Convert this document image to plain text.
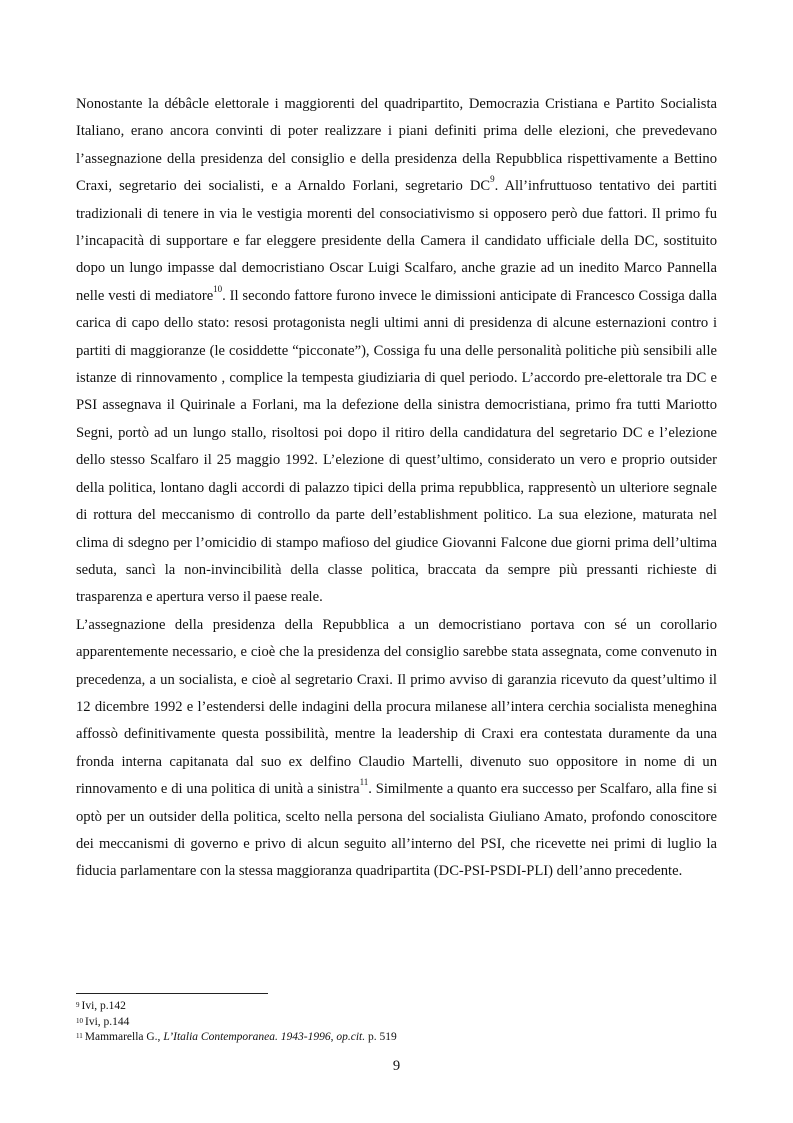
Nonostante la débâcle elettorale i maggiorenti del quadripartito, Democrazia Cristiana e Partito Socialista Italiano, erano ancora convinti di poter realizzare i piani definiti prima delle elezioni, che prevedevano l’assegnazione della presidenza del consiglio e della presidenza della Repubblica rispettivamente a Bettino Craxi, segretario dei socialisti, e a Arnaldo Forlani, segretario DC$^9$. All’infruttuoso tentativo dei partiti tradizionali di tenere in via le vestigia morenti del consociativismo si opposero però due fattori. Il primo fu l’incapacità di supportare e far eleggere presidente della Camera il candidato ufficiale della DC, sostituito dopo un lungo impasse dal democristiano Oscar Luigi Scalfaro, anche grazie ad un inedito Marco Pannella nelle vesti di mediatore$^{10}$. Il secondo fattore furono invece le dimissioni anticipate di Francesco Cossiga dalla carica di capo dello stato: resosi protagonista negli ultimi anni di presidenza di alcune esternazioni contro i partiti di maggioranze (le cosiddette “picconate”), Cossiga fu una delle personalità politiche più sensibili alle istanze di rinnovamento , complice la tempesta giudiziaria di quel periodo. L’accordo pre-elettorale tra DC e PSI assegnava il Quirinale a Forlani, ma la defezione della sinistra democristiana, primo fra tutti Mariotto Segni, portò ad un lungo stallo, risoltosi poi dopo il ritiro della candidatura del segretario DC e l’elezione dello stesso Scalfaro il 25 maggio 1992. L’elezione di quest’ultimo, considerato un vero e proprio outsider della politica, lontano dagli accordi di palazzo tipici della prima repubblica, rappresentò un ulteriore segnale di rottura del meccanismo di controllo da parte dell’establishment politico. La sua elezione, maturata nel clima di sdegno per l’omicidio di stampo mafioso del giudice Giovanni Falcone due giorni prima dell’ultima seduta, sancì la non-invincibilità della classe politica, braccata da sempre più pressanti richieste di trasparenza e apertura verso il paese reale.

L’assegnazione della presidenza della Repubblica a un democristiano portava con sé un corollario apparentemente necessario, e cioè che la presidenza del consiglio sarebbe stata assegnata, come convenuto in precedenza, a un socialista, e cioè al segretario Craxi. Il primo avviso di garanzia ricevuto da quest’ultimo il 12 dicembre 1992 e l’estendersi delle indagini della procura milanese all’intera cerchia socialista meneghina affossò definitivamente questa possibilità, mentre la leadership di Craxi era contestata duramente da una fronda interna capitanata dal suo ex delfino Claudio Martelli, divenuto suo oppositore in nome di un rinnovamento e di una politica di unità a sinistra$^{11}$. Similmente a quanto era successo per Scalfaro, alla fine si optò per un outsider della politica, scelto nella persona del socialista Giuliano Amato, profondo conoscitore dei meccanismi di governo e privo di alcun seguito all’interno del PSI, che ricevette nei primi di luglio la fiducia parlamentare con la stessa maggioranza quadripartita (DC-PSI-PSDI-PLI) dell’anno precedente.

$^9$ Ivi, p.142

$^{10}$ Ivi, p.144

$^{11}$ Mammarella G., L’Italia Contemporanea. 1943-1996, op.cit. p. 519

9
